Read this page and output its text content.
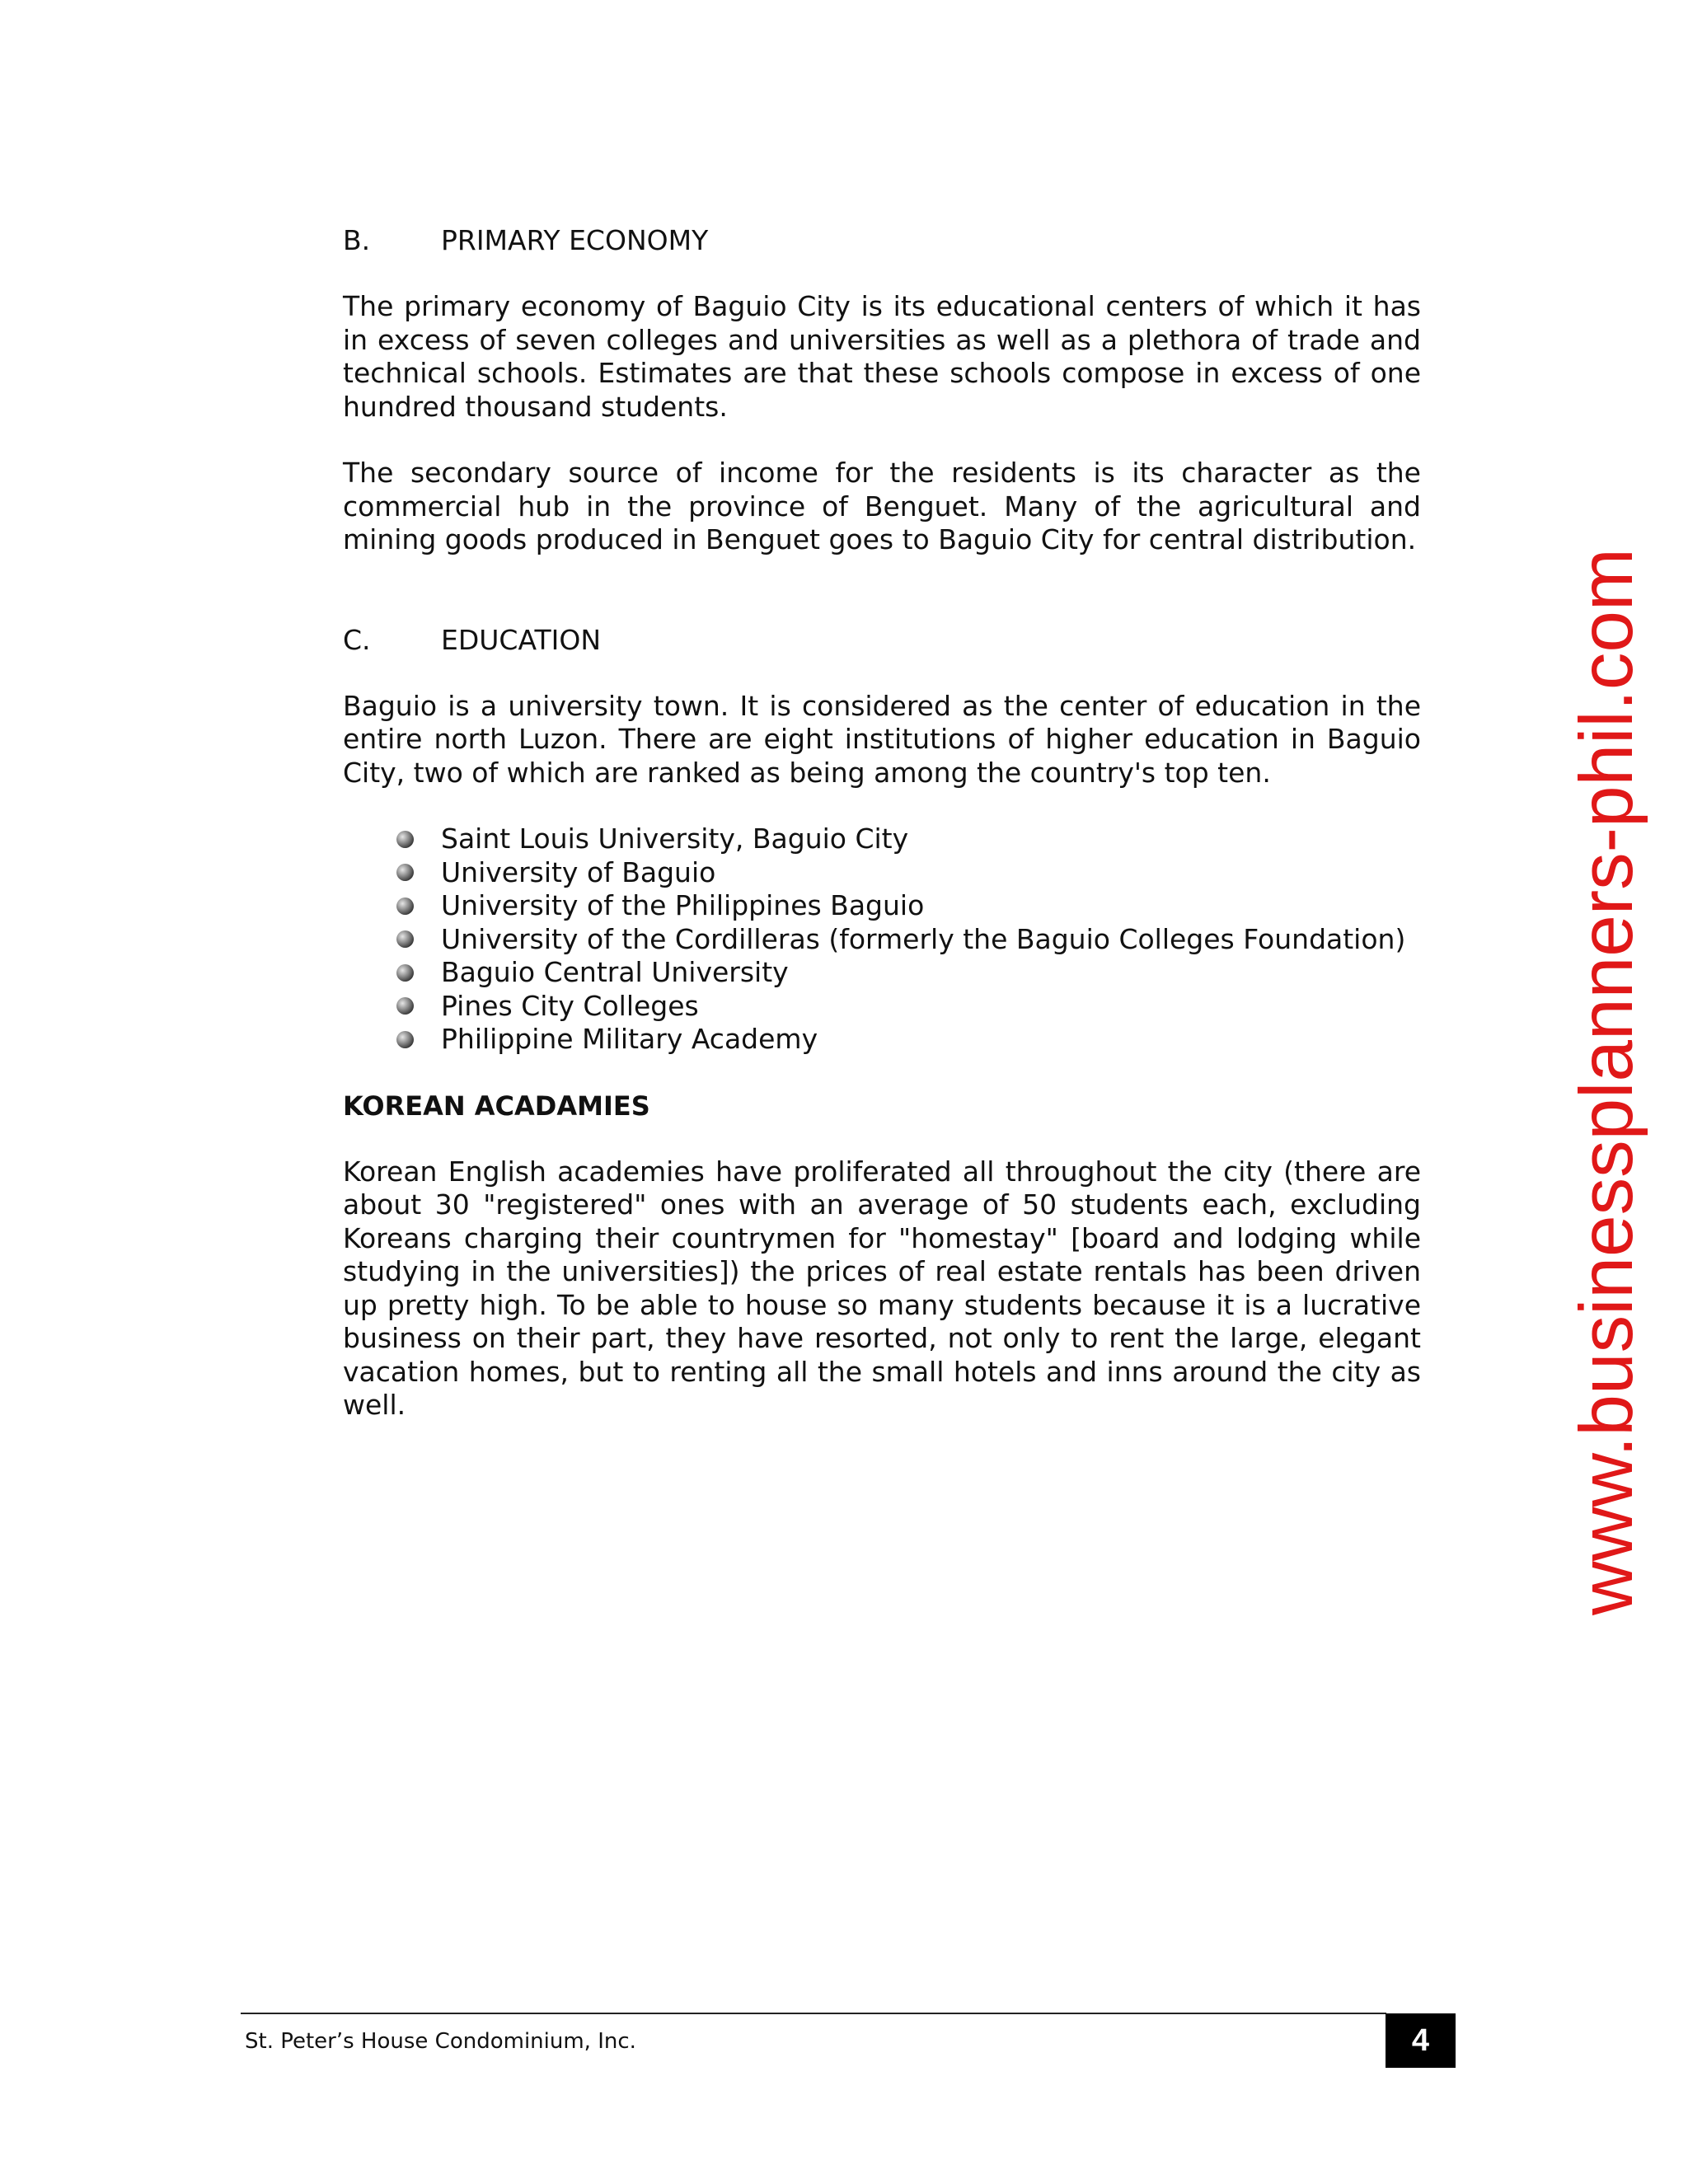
B.	PRIMARY ECONOMY

The primary economy of Baguio City is its educational centers of which it has in excess of seven colleges and universities as well as a plethora of trade and technical schools. Estimates are that these schools compose in excess of one hundred thousand students.

The secondary source of income for the residents is its character as the commercial hub in the province of Benguet. Many of the agricultural and mining goods produced in Benguet goes to Baguio City for central distribution.

C.	EDUCATION

Baguio is a university town. It is considered as the center of education in the entire north Luzon. There are eight institutions of higher education in Baguio City, two of which are ranked as being among the country's top ten.

Saint Louis University, Baguio City
University of Baguio
University of the Philippines Baguio
University of the Cordilleras (formerly the Baguio Colleges Foundation)
Baguio Central University
Pines City Colleges
Philippine Military Academy
KOREAN ACADAMIES

Korean English academies have proliferated all throughout the city (there are about 30 "registered" ones with an average of 50 students each, excluding Koreans charging their countrymen for "homestay" [board and lodging while studying in the universities]) the prices of real estate rentals has been driven up pretty high. To be able to house so many students because it is a lucrative business on their part, they have resorted, not only to rent the large, elegant vacation homes, but to renting all the small hotels and inns around the city as well.	www.businessplanners-phil.com
St. Peter’s House Condominium, Inc.	4
